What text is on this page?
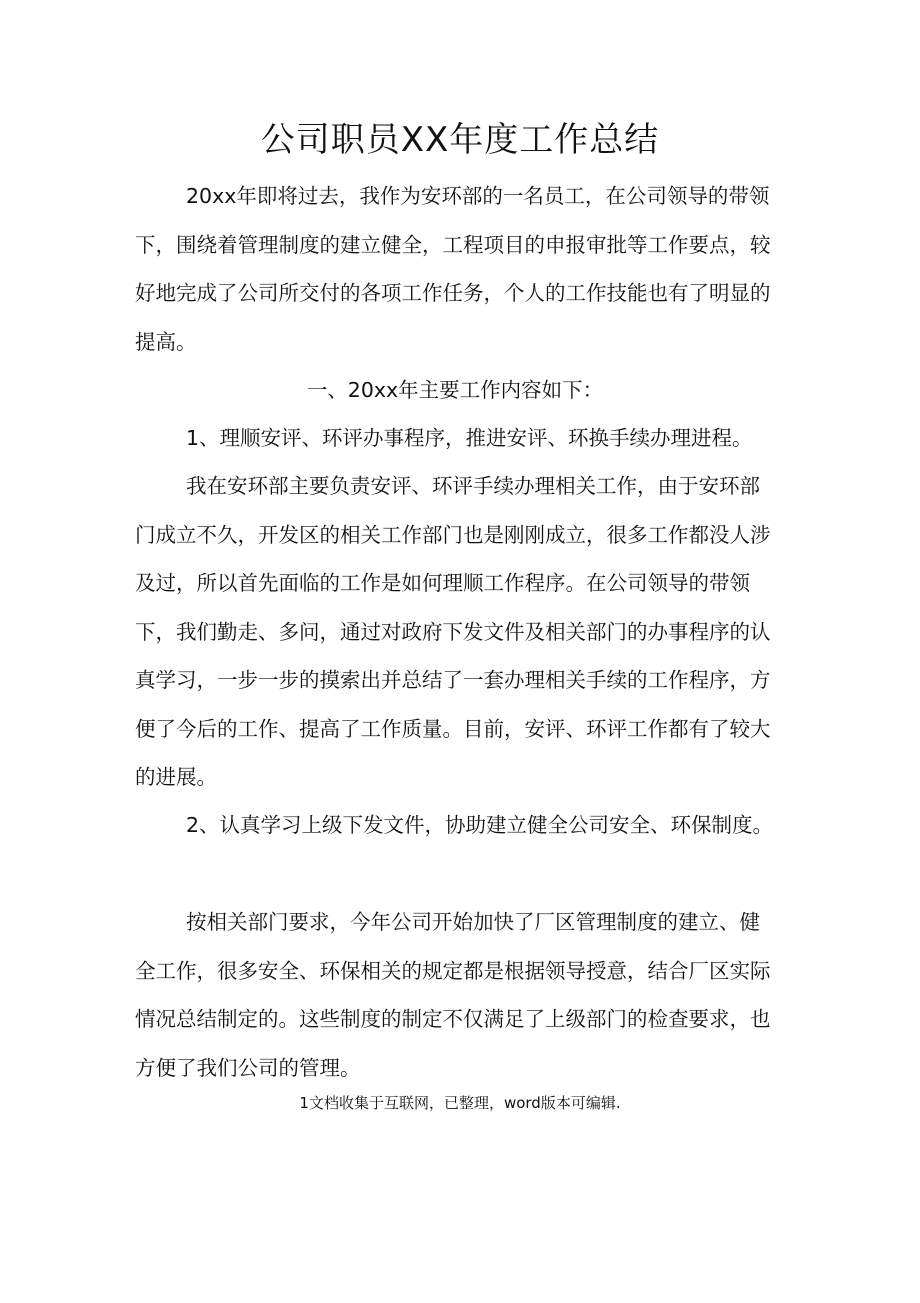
公司职员XX年度工作总结

20xx年即将过去，我作为安环部的一名员工，在公司领导的带领下，围绕着管理制度的建立健全，工程项目的申报审批等工作要点，较好地完成了公司所交付的各项工作任务，个人的工作技能也有了明显的提高。

一、20xx年主要工作内容如下：

1、理顺安评、环评办事程序，推进安评、环换手续办理进程。

我在安环部主要负责安评、环评手续办理相关工作，由于安环部门成立不久，开发区的相关工作部门也是刚刚成立，很多工作都没人涉及过，所以首先面临的工作是如何理顺工作程序。在公司领导的带领下，我们勤走、多问，通过对政府下发文件及相关部门的办事程序的认真学习，一步一步的摸索出并总结了一套办理相关手续的工作程序，方便了今后的工作、提高了工作质量。目前，安评、环评工作都有了较大的进展。

2、认真学习上级下发文件，协助建立健全公司安全、环保制度。

按相关部门要求，今年公司开始加快了厂区管理制度的建立、健全工作，很多安全、环保相关的规定都是根据领导授意，结合厂区实际情况总结制定的。这些制度的制定不仅满足了上级部门的检查要求，也方便了我们公司的管理。

1文档收集于互联网，已整理，word版本可编辑.
